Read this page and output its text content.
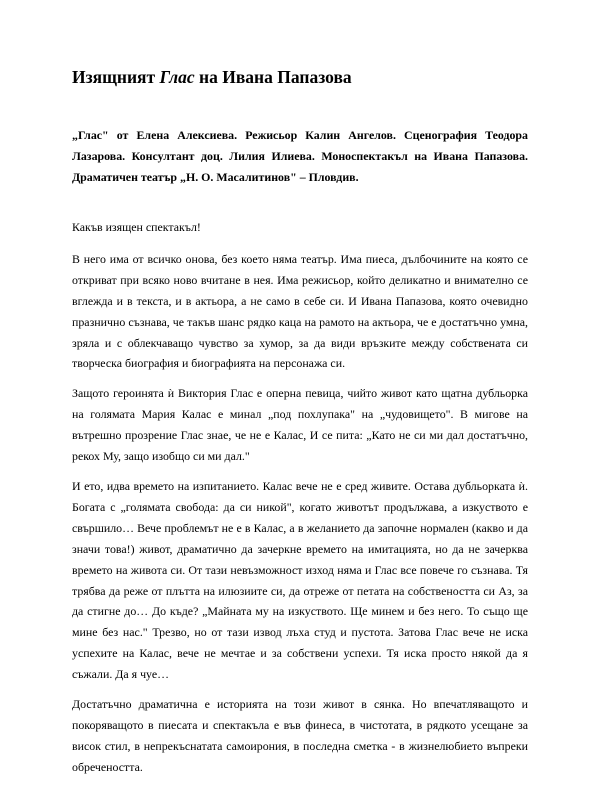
Изящният Глас на Ивана Папазова
„Глас" от Елена Алексиева. Режисьор Калин Ангелов. Сценография Теодора Лазарова. Консултант доц. Лилия Илиева. Моноспектакъл на Ивана Папазова. Драматичен театър „Н. О. Масалитинов" – Пловдив.

Какъв изящен спектакъл!

В него има от всичко онова, без което няма театър. Има пиеса, дълбочините на която се откриват при всяко ново вчитане в нея. Има режисьор, който деликатно и внимателно се вглежда и в текста, и в актьора, а не само в себе си. И Ивана Папазова, която очевидно празнично съзнава, че такъв шанс рядко каца на рамото на актьора, че е достатъчно умна, зряла и с облекчаващо чувство за хумор, за да види връзките между собствената си творческа биография и биографията на персонажа си.

Защото героинята ѝ Виктория Глас е оперна певица, чийто живот като щатна дубльорка на голямата Мария Калас е минал „под похлупака" на „чудовището". В мигове на вътрешно прозрение Глас знае, че не е Калас, И се пита: „Като не си ми дал достатъчно, рекох Му, защо изобщо си ми дал."

И ето, идва времето на изпитанието. Калас вече не е сред живите. Остава дубльорката ѝ. Богата с „голямата свобода: да си никой", когато животът продължава, а изкуството е свършило… Вече проблемът не е в Калас, а в желанието да започне нормален (какво и да значи това!) живот, драматично да зачеркне времето на имитацията, но да не зачерква времето на живота си. От тази невъзможност изход няма и Глас все повече го съзнава. Тя трябва да реже от плътта на илюзиите си, да отреже от петата на собствеността си Аз, за да стигне до… До къде? „Майната му на изкуството. Ще минем и без него. То също ще мине без нас." Трезво, но от тази извод лъха студ и пустота. Затова Глас вече не иска успехите на Калас, вече не мечтае и за собствени успехи. Тя иска просто някой да я съжали. Да я чуе…

Достатъчно драматична е историята на този живот в сянка. Но впечатляващото и покоряващото в пиесата и спектакъла е във финеса, в чистотата, в рядкото усещане за висок стил, в непрекъснатата самоирония, в последна сметка - в жизнелюбието въпреки обречеността.
